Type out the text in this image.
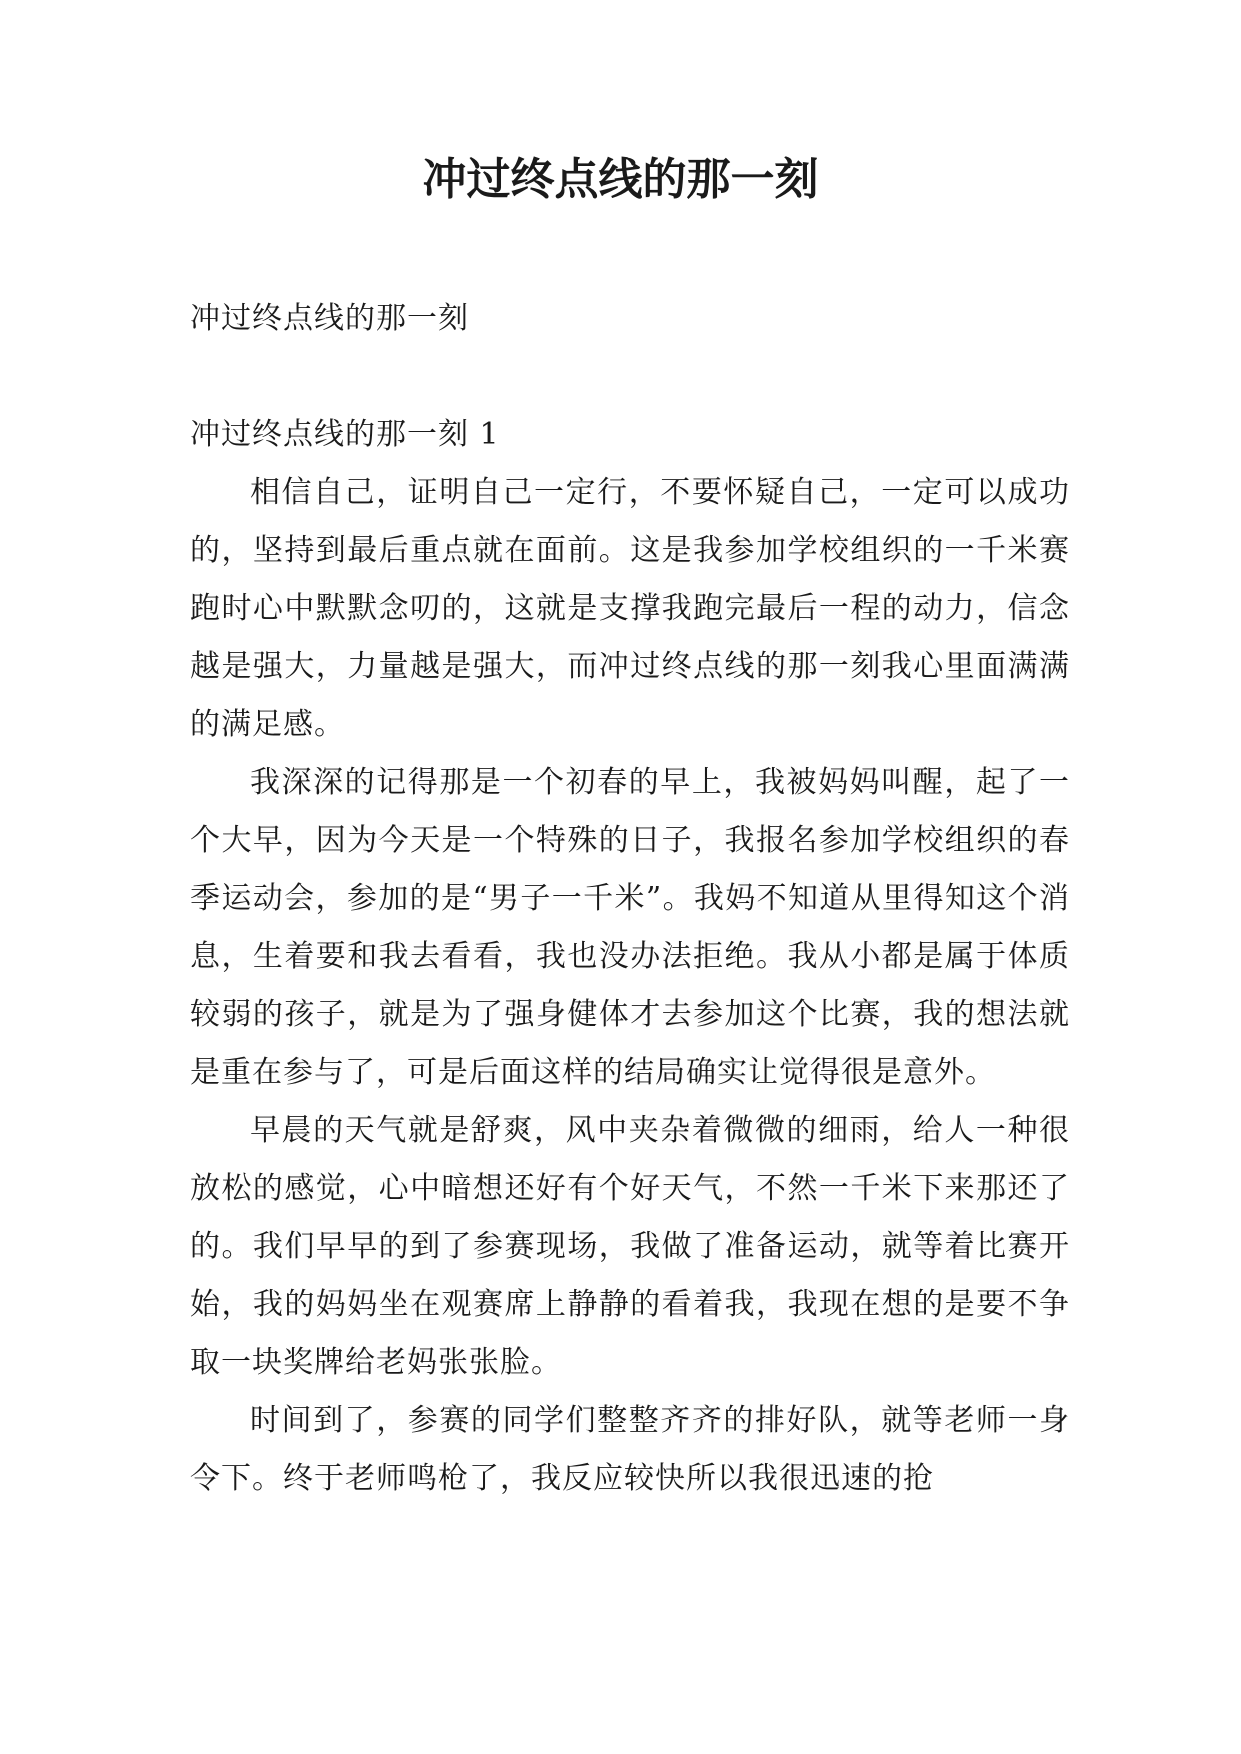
冲过终点线的那一刻

冲过终点线的那一刻

冲过终点线的那一刻 1

相信自己，证明自己一定行，不要怀疑自己，一定可以成功的，坚持到最后重点就在面前。这是我参加学校组织的一千米赛跑时心中默默念叨的，这就是支撑我跑完最后一程的动力，信念越是强大，力量越是强大，而冲过终点线的那一刻我心里面满满的满足感。

我深深的记得那是一个初春的早上，我被妈妈叫醒，起了一个大早，因为今天是一个特殊的日子，我报名参加学校组织的春季运动会，参加的是“男子一千米”。我妈不知道从里得知这个消息，生着要和我去看看，我也没办法拒绝。我从小都是属于体质较弱的孩子，就是为了强身健体才去参加这个比赛，我的想法就是重在参与了，可是后面这样的结局确实让觉得很是意外。

早晨的天气就是舒爽，风中夹杂着微微的细雨，给人一种很放松的感觉，心中暗想还好有个好天气，不然一千米下来那还了的。我们早早的到了参赛现场，我做了准备运动，就等着比赛开始，我的妈妈坐在观赛席上静静的看着我，我现在想的是要不争取一块奖牌给老妈张张脸。

时间到了，参赛的同学们整整齐齐的排好队，就等老师一身令下。终于老师鸣枪了，我反应较快所以我很迅速的抢
